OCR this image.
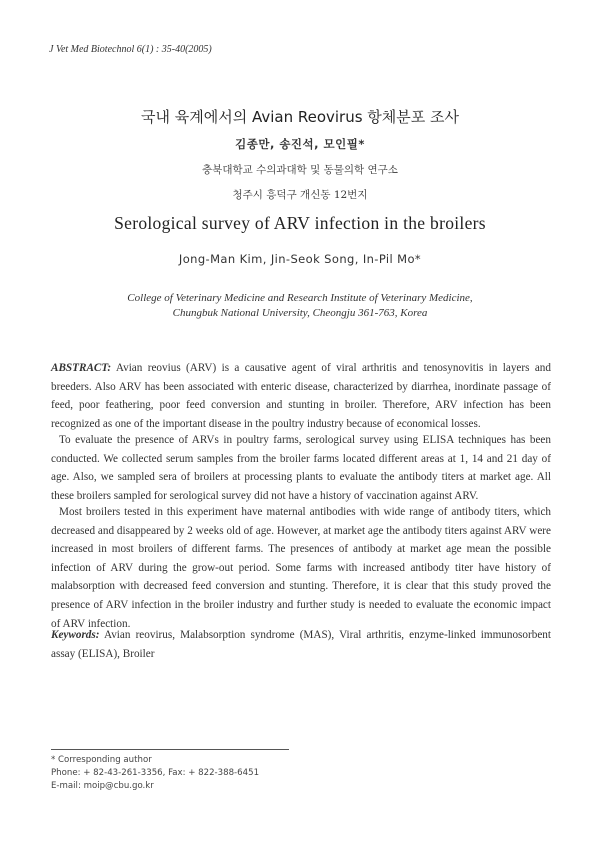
J Vet Med Biotechnol 6(1) : 35-40(2005)
국내 육계에서의 Avian Reovirus 항체분포 조사
김종만, 송진석, 모인필*
충북대학교 수의과대학 및 동물의학 연구소
청주시 흥덕구 개신동 12번지
Serological survey of ARV infection in the broilers
Jong-Man Kim, Jin-Seok Song, In-Pil Mo*
College of Veterinary Medicine and Research Institute of Veterinary Medicine,
Chungbuk National University, Cheongju 361-763, Korea
ABSTRACT: Avian reovius (ARV) is a causative agent of viral arthritis and tenosynovitis in layers and breeders. Also ARV has been associated with enteric disease, characterized by diarrhea, inordinate passage of feed, poor feathering, poor feed conversion and stunting in broiler. Therefore, ARV infection has been recognized as one of the important disease in the poultry industry because of economical losses.
To evaluate the presence of ARVs in poultry farms, serological survey using ELISA techniques has been conducted. We collected serum samples from the broiler farms located different areas at 1, 14 and 21 day of age. Also, we sampled sera of broilers at processing plants to evaluate the antibody titers at market age. All these broilers sampled for serological survey did not have a history of vaccination against ARV.
Most broilers tested in this experiment have maternal antibodies with wide range of antibody titers, which decreased and disappeared by 2 weeks old of age. However, at market age the antibody titers against ARV were increased in most broilers of different farms. The presences of antibody at market age mean the possible infection of ARV during the grow-out period. Some farms with increased antibody titer have history of malabsorption with decreased feed conversion and stunting. Therefore, it is clear that this study proved the presence of ARV infection in the broiler industry and further study is needed to evaluate the economic impact of ARV infection.
Keywords: Avian reovirus, Malabsorption syndrome (MAS), Viral arthritis, enzyme-linked immunosorbent assay (ELISA), Broiler
* Corresponding author
Phone: + 82-43-261-3356, Fax: + 822-388-6451
E-mail: moip@cbu.go.kr
